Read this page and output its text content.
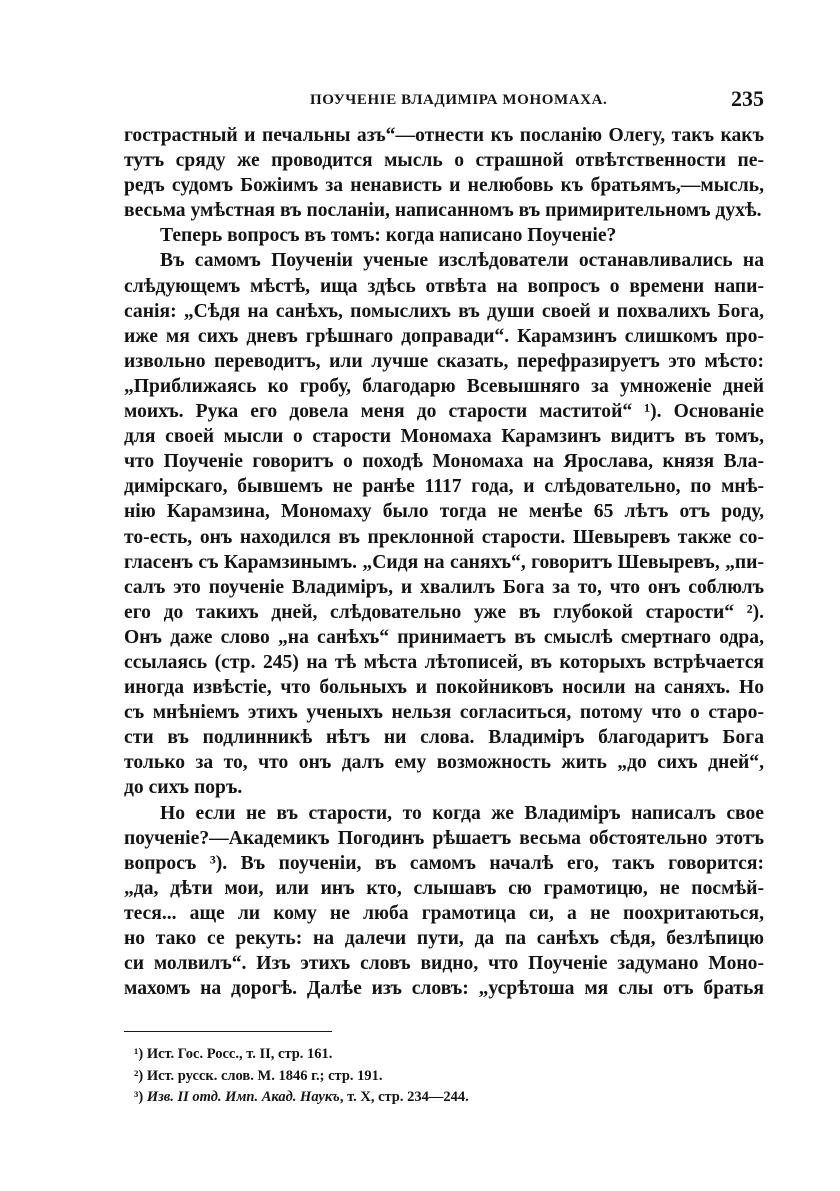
ПОУЧЕНІЕ ВЛАДИМІРА МОНОМАХА.	235
гострастный и печальны азъ“—отнести къ посланію Олегу, такъ какъ
тутъ сряду же проводится мысль о страшной отвѣтственности пе-
редъ судомъ Божіимъ за ненависть и нелюбовь къ братьямъ,—мысль,
весьма умѣстная въ посланіи, написанномъ въ примирительномъ духѣ.
Теперь вопросъ въ томъ: когда написано Поученіе?
Въ самомъ Поученіи ученые изслѣдователи останавливались на
слѣдующемъ мѣстѣ, ища здѣсь отвѣта на вопросъ о времени напи-
санія: „Сѣдя на санѣхъ, помыслихъ въ души своей и похвалихъ Бога,
иже мя сихъ дневъ грѣшнаго доправади“. Карамзинъ слишкомъ про-
извольно переводитъ, или лучше сказать, перефразируетъ это мѣсто:
„Приближаясь ко гробу, благодарю Всевышняго за умноженіе дней
моихъ. Рука его довела меня до старости маститой“ ¹). Основаніе
для своей мысли о старости Мономаха Карамзинъ видитъ въ томъ,
что Поученіе говоритъ о походѣ Мономаха на Ярослава, князя Вла-
димірскаго, бывшемъ не ранѣе 1117 года, и слѣдовательно, по мнѣ-
нію Карамзина, Мономаху было тогда не менѣе 65 лѣтъ отъ роду,
то-есть, онъ находился въ преклонной старости. Шевыревъ также со-
гласенъ съ Карамзинымъ. „Сидя на саняхъ“, говоритъ Шевыревъ, „пи-
салъ это поученіе Владиміръ, и хвалилъ Бога за то, что онъ соблюлъ
его до такихъ дней, слѣдовательно уже въ глубокой старости“ ²).
Онъ даже слово „на санѣхъ“ принимаетъ въ смыслѣ смертнаго одра,
ссылаясь (стр. 245) на тѣ мѣста лѣтописей, въ которыхъ встрѣчается
иногда извѣстіе, что больныхъ и покойниковъ носили на саняхъ. Но
съ мнѣніемъ этихъ ученыхъ нельзя согласиться, потому что о старо-
сти въ подлинникѣ нѣтъ ни слова. Владиміръ благодаритъ Бога
только за то, что онъ далъ ему возможность жить „до сихъ дней“,
до сихъ поръ.
Но если не въ старости, то когда же Владиміръ написалъ свое
поученіе?—Академикъ Погодинъ рѣшаетъ весьма обстоятельно этотъ
вопросъ ³). Въ поученіи, въ самомъ началѣ его, такъ говорится:
„да, дѣти мои, или инъ кто, слышавъ сю грамотицю, не посмѣй-
теся... аще ли кому не люба грамотица си, а не поохритаються,
но тако се рекуть: на далечи пути, да па санѣхъ сѣдя, безлѣпицю
си молвилъ“. Изъ этихъ словъ видно, что Поученіе задумано Моно-
махомъ на дорогѣ. Далѣе изъ словъ: „усрѣтоша мя слы отъ братья
¹) Ист. Гос. Росс., т. II, стр. 161.
²) Ист. русск. слов. М. 1846 г.; стр. 191.
³) Изв. II отд. Имп. Акад. Наукъ, т. X, стр. 234—244.
